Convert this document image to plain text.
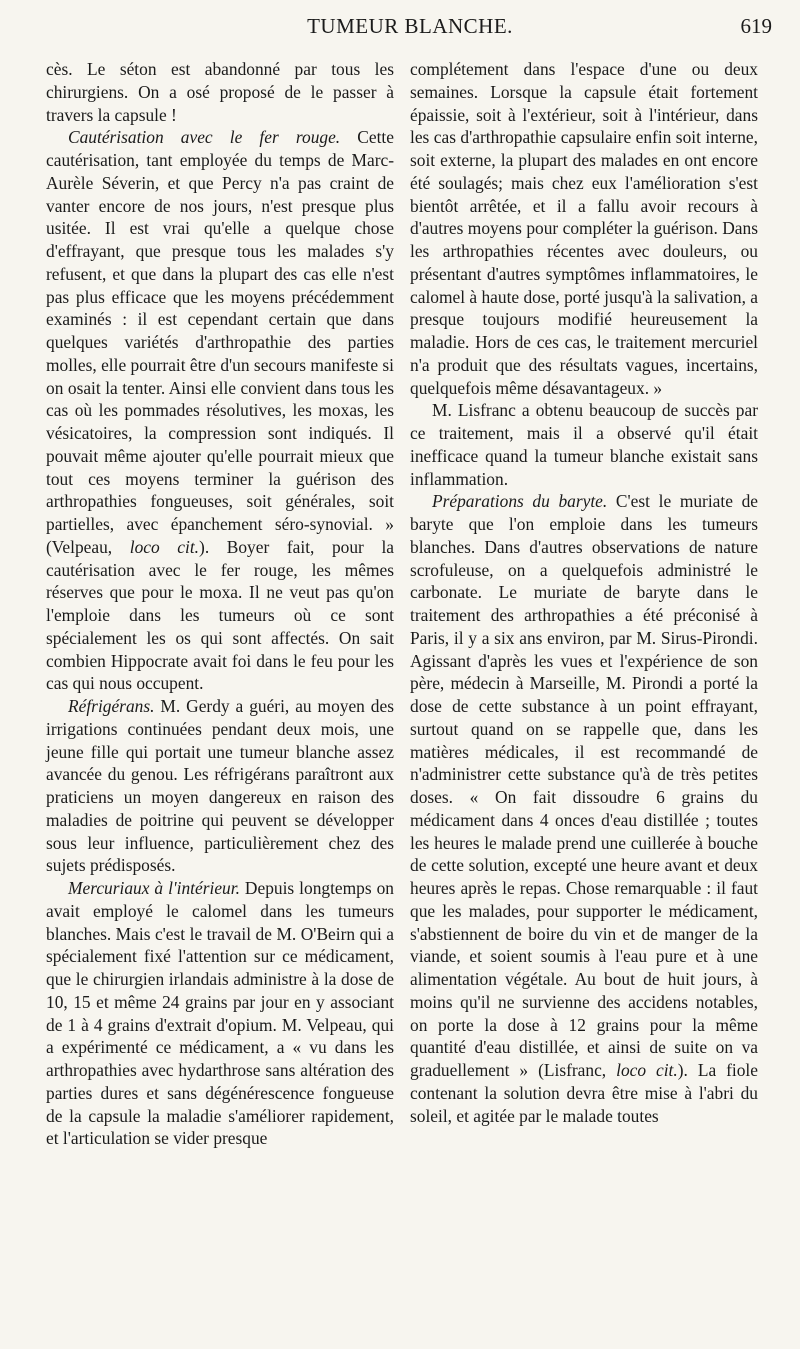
TUMEUR BLANCHE.	619

cès. Le séton est abandonné par tous les chirurgiens. On a osé proposé de le passer à travers la capsule !

Cautérisation avec le fer rouge. Cette cautérisation, tant employée du temps de Marc-Aurèle Séverin, et que Percy n'a pas craint de vanter encore de nos jours, n'est presque plus usitée. Il est vrai qu'elle a quelque chose d'effrayant, que presque tous les malades s'y refusent, et que dans la plupart des cas elle n'est pas plus efficace que les moyens précédemment examinés : il est cependant certain que dans quelques variétés d'arthropathie des parties molles, elle pourrait être d'un secours manifeste si on osait la tenter. Ainsi elle convient dans tous les cas où les pommades résolutives, les moxas, les vésicatoires, la compression sont indiqués. Il pouvait même ajouter qu'elle pourrait mieux que tout ces moyens terminer la guérison des arthropathies fongueuses, soit générales, soit partielles, avec épanchement séro-synovial. » (Velpeau, loco cit.). Boyer fait, pour la cautérisation avec le fer rouge, les mêmes réserves que pour le moxa. Il ne veut pas qu'on l'emploie dans les tumeurs où ce sont spécialement les os qui sont affectés. On sait combien Hippocrate avait foi dans le feu pour les cas qui nous occupent.

Réfrigérans. M. Gerdy a guéri, au moyen des irrigations continuées pendant deux mois, une jeune fille qui portait une tumeur blanche assez avancée du genou. Les réfrigérans paraîtront aux praticiens un moyen dangereux en raison des maladies de poitrine qui peuvent se développer sous leur influence, particulièrement chez des sujets prédisposés.

Mercuriaux à l'intérieur. Depuis longtemps on avait employé le calomel dans les tumeurs blanches. Mais c'est le travail de M. O'Beirn qui a spécialement fixé l'attention sur ce médicament, que le chirurgien irlandais administre à la dose de 10, 15 et même 24 grains par jour en y associant de 1 à 4 grains d'extrait d'opium. M. Velpeau, qui a expérimenté ce médicament, a « vu dans les arthropathies avec hydarthrose sans altération des parties dures et sans dégénérescence fongueuse de la capsule la maladie s'améliorer rapidement, et l'articulation se vider presque

complétement dans l'espace d'une ou deux semaines. Lorsque la capsule était fortement épaissie, soit à l'extérieur, soit à l'intérieur, dans les cas d'arthropathie capsulaire enfin soit interne, soit externe, la plupart des malades en ont encore été soulagés; mais chez eux l'amélioration s'est bientôt arrêtée, et il a fallu avoir recours à d'autres moyens pour compléter la guérison. Dans les arthropathies récentes avec douleurs, ou présentant d'autres symptômes inflammatoires, le calomel à haute dose, porté jusqu'à la salivation, a presque toujours modifié heureusement la maladie. Hors de ces cas, le traitement mercuriel n'a produit que des résultats vagues, incertains, quelquefois même désavantageux. »

M. Lisfranc a obtenu beaucoup de succès par ce traitement, mais il a observé qu'il était inefficace quand la tumeur blanche existait sans inflammation.

Préparations du baryte. C'est le muriate de baryte que l'on emploie dans les tumeurs blanches. Dans d'autres observations de nature scrofuleuse, on a quelquefois administré le carbonate. Le muriate de baryte dans le traitement des arthropathies a été préconisé à Paris, il y a six ans environ, par M. Sirus-Pirondi. Agissant d'après les vues et l'expérience de son père, médecin à Marseille, M. Pirondi a porté la dose de cette substance à un point effrayant, surtout quand on se rappelle que, dans les matières médicales, il est recommandé de n'administrer cette substance qu'à de très petites doses. « On fait dissoudre 6 grains du médicament dans 4 onces d'eau distillée ; toutes les heures le malade prend une cuillerée à bouche de cette solution, excepté une heure avant et deux heures après le repas. Chose remarquable : il faut que les malades, pour supporter le médicament, s'abstiennent de boire du vin et de manger de la viande, et soient soumis à l'eau pure et à une alimentation végétale. Au bout de huit jours, à moins qu'il ne survienne des accidens notables, on porte la dose à 12 grains pour la même quantité d'eau distillée, et ainsi de suite on va graduellement » (Lisfranc, loco cit.). La fiole contenant la solution devra être mise à l'abri du soleil, et agitée par le malade toutes
